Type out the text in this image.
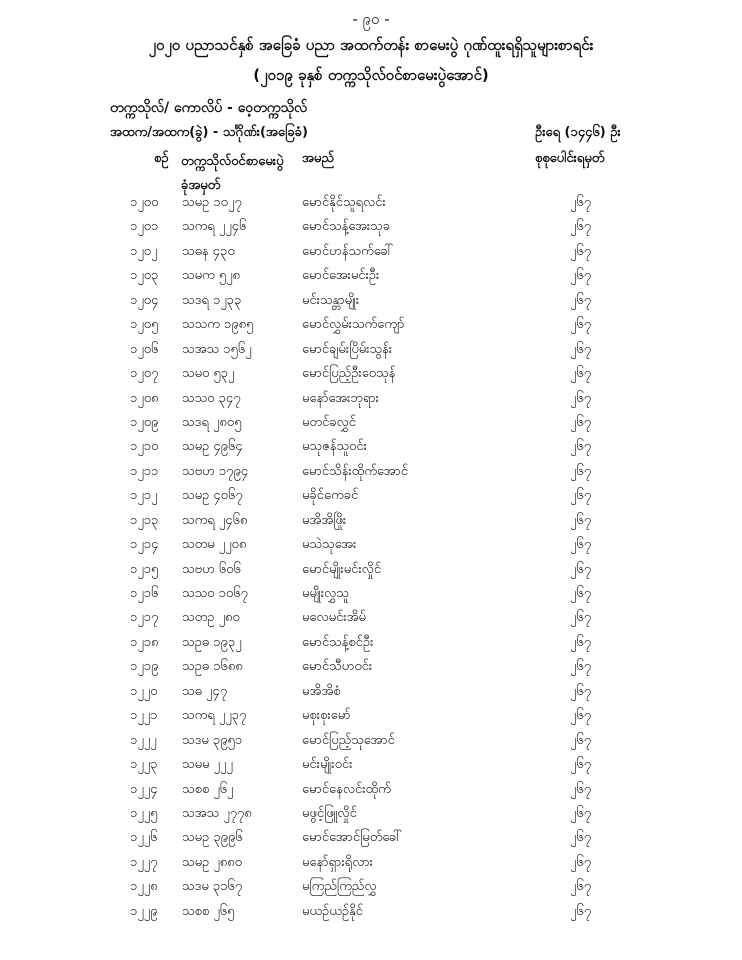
- ၉၀ -
၂၀၂၀ ပညာသင်နှစ် အခြေခံ ပညာ အထက်တန်း စာမေးပွဲ ဂုဏ်ထူးရရှိသူများစာရင်း
(၂၀၁၉ ခုနှစ် တက္ကသိုလ်ဝင်စာမေးပွဲအောင်)
တက္ကသိုလ်/ ကောလိပ် - ဝေ့တက္ကသိုလ်
အထက/အထက(ခွဲ) - သင်္ဂိုဏ်း(အခြေခံ)	ဦးရေ (၁၄၄၆) ဦး
စဉ် တက္ကသိုလ်ဝင်စာမေးပွဲ
ခုံအမှတ်
အမည်	စုစုပေါင်းရမှတ်
၁၂၀၀ သမဥ ၁၀၂၇	မောင်နိုင်သူရလင်း	၂၆၇
၁၂၀၁ သကရ ၂၂၄၆	မောင်သန့်အေးသုခ	၂၆၇
၁၂၀၂ သဓန ၄၃၀	မောင်ဟန်သက်ခေါ်	၂၆၇
၁၂၀၃ သမက ၅၂၈	မောင်အေးမင်းဦး	၂၆၇
၁၂၀၄ သဒရ ၁၂၃၃	မင်းသန္တာမျိုး	၂၆၇
၁၂၀၅ သသက ၁၉၈၅	မောင်လွှမ်းသက်ကျော်	၂၆၇
၁၂၀၆ သအသ ၁၅၆၂	မောင်ချမ်းပြိမ်းသွန်း	၂၆၇
၁၂၀၇ သမဝ ၅၃၂	မောင်ပြည့်ဦးဝေသုန်	၂၆၇
၁၂၀၈ သသဝ ၃၄၇	မနော်အေးဘုရား	၂၆၇
၁၂၀၉ သဒရ ၂၈၀၅	မတင်ခလွှင်	၂၆၇
၁၂၁၀ သမဥ ၄၉၆၄	မသုဇန်သူဝင်း	၂၆၇
၁၂၁၁ သဗဟ ၁၇၉၄	မောင်သိန်းထိုက်အောင်	၂၆၇
၁၂၁၂ သမဥ ၄၀၆၇	မခိုင်ကေခင်	၂၆၇
၁၂၁၃ သကရ ၂၄၆၈	မအိအိဖြိုး	၂၆၇
၁၂၁၄ သတမ ၂၂၀၈	မသဲသုအေး	၂၆၇
၁၂၁၅ သဗဟ ၆၀၆	မောင်မျိုးမင်းလှိုင်	၂၆၇
၁၂၁၆ သသဝ ၁၀၆၇	မမျိုးလွှသူ	၂၆၇
၁၂၁၇ သတဥ ၂၈၀	မလေမင်းအိမ်	၂၆၇
၁၂၁၈ သဥဓ ၁၉၃၂	မောင်သန့်စင်ဦး	၂၆၇
၁၂၁၉ သဥဓ ၁၆၈၈	မောင်သီဟဝင်း	၂၆၇
၁၂၂၀ သဓ ၂၄၇	မအိအိစံ	၂၆၇
၁၂၂၁ သကရ ၂၂၃၇	မစုးစုးမော်	၂၆၇
၁၂၂၂ သဒမ ၃၉၅၁	မောင်ပြည့်သုအောင်	၂၆၇
၁၂၂၃ သမမ ၂၂၂	မင်းမျိုးဝင်း	၂၆၇
၁၂၂၄ သစစ ၂၆၂	မောင်နေလင်းထိုက်	၂၆၇
၁၂၂၅ သအသ ၂၇၇၈	မဖွင့်ဖြူလှိုင်	၂၆၇
၁၂၂၆ သမဥ ၃၉၉၆	မောင်အောင်မြတ်ခေါ်	၂၆၇
၁၂၂၇ သမဥ ၂၈၈၀	မနော်ရှားရိုလား	၂၆၇
၁၂၂၈ သဒမ ၃၁၆၇	မကြည်ကြည်လွှ	၂၆၇
၁၂၂၉ သစစ ၂၆၅	မယဉ်ယဉ်နိုင်	၂၆၇
